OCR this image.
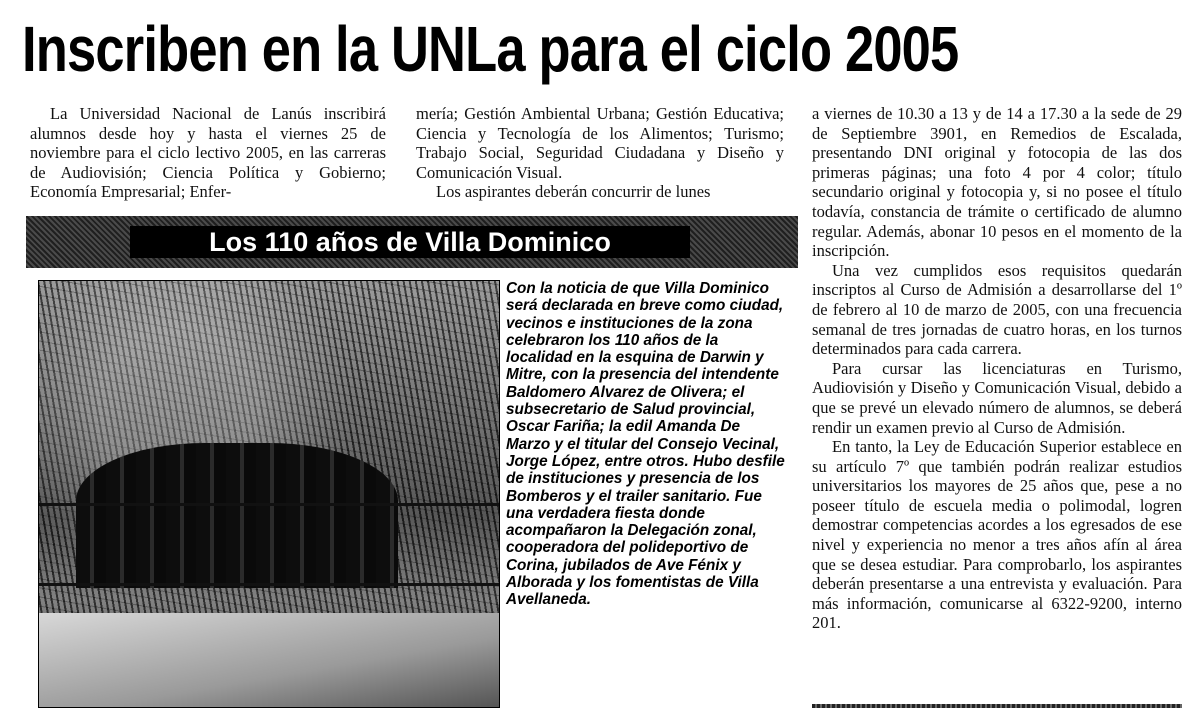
Inscriben en la UNLa para el ciclo 2005

La Universidad Nacional de Lanús inscribirá alumnos desde hoy y hasta el viernes 25 de noviembre para el ciclo lectivo 2005, en las carreras de Audiovisión; Ciencia Política y Gobierno; Economía Empresarial; Enfer-

mería; Gestión Ambiental Urbana; Gestión Educativa; Ciencia y Tecnología de los Alimentos; Turismo; Trabajo Social, Seguridad Ciudadana y Diseño y Comunicación Visual.

Los aspirantes deberán concurrir de lunes

Los 110 años de Villa Dominico

Con la noticia de que Villa Dominico será declarada en breve como ciudad, vecinos e instituciones de la zona celebraron los 110 años de la localidad en la esquina de Darwin y Mitre, con la presencia del intendente Baldomero Alvarez de Olivera; el subsecretario de Salud provincial, Oscar Fariña; la edil Amanda De Marzo y el titular del Consejo Vecinal, Jorge López, entre otros. Hubo desfile de instituciones y presencia de los Bomberos y el trailer sanitario. Fue una verdadera fiesta donde acompañaron la Delegación zonal, cooperadora del polideportivo de Corina, jubilados de Ave Fénix y Alborada y los fomentistas de Villa Avellaneda.

a viernes de 10.30 a 13 y de 14 a 17.30 a la sede de 29 de Septiembre 3901, en Remedios de Escalada, presentando DNI original y fotocopia de las dos primeras páginas; una foto 4 por 4 color; título secundario original y fotocopia y, si no posee el título todavía, constancia de trámite o certificado de alumno regular. Además, abonar 10 pesos en el momento de la inscripción.

Una vez cumplidos esos requisitos quedarán inscriptos al Curso de Admisión a desarrollarse del 1º de febrero al 10 de marzo de 2005, con una frecuencia semanal de tres jornadas de cuatro horas, en los turnos determinados para cada carrera.

Para cursar las licenciaturas en Turismo, Audiovisión y Diseño y Comunicación Visual, debido a que se prevé un elevado número de alumnos, se deberá rendir un examen previo al Curso de Admisión.

En tanto, la Ley de Educación Superior establece en su artículo 7º que también podrán realizar estudios universitarios los mayores de 25 años que, pese a no poseer título de escuela media o polimodal, logren demostrar competencias acordes a los egresados de ese nivel y experiencia no menor a tres años afín al área que se desea estudiar. Para comprobarlo, los aspirantes deberán presentarse a una entrevista y evaluación. Para más información, comunicarse al 6322-9200, interno 201.
